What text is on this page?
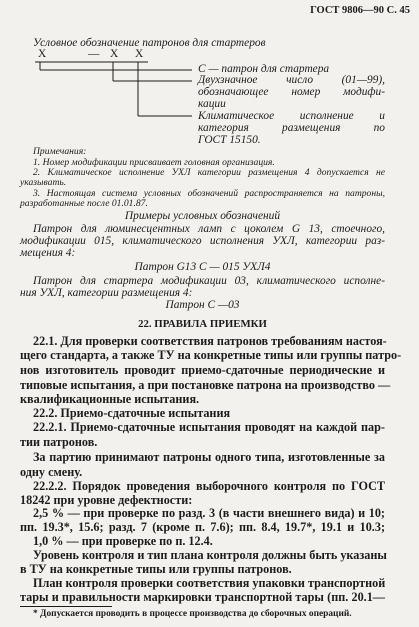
ГОСТ 9806—90 С. 45
Условное обозначение патронов для стартеров
X	— X X
С — патрон для стартера
Двухзначное число (01—99),
обозначающее номер модифи-
кации
Климатическое исполнение и
категория размещения по
ГОСТ 15150.
Примечания:
1. Номер модификации присваивает головная организация.
2. Климатическое исполнение УХЛ категории размещения 4 допускается не
указывать.
3. Настоящая система условных обозначений распространяется на патроны,
разработанные после 01.01.87.
Примеры условных обозначений
Патрон для люминесцентных ламп с цоколем G 13, стоечного,
модификации 015, климатического исполнения УХЛ, категории раз-
мещения 4:
Патрон G13 С — 015 УХЛ4
Патрон для стартера модификации 03, климатического исполне-
ния УХЛ, категории размещения 4:
Патрон С —03
22. ПРАВИЛА ПРИЕМКИ
22.1. Для проверки соответствия патронов требованиям настоя-
щего стандарта, а также ТУ на конкретные типы или группы патро-
нов изготовитель проводит приемо-сдаточные периодические и
типовые испытания, а при постановке патрона на производство —
квалификационные испытания.
22.2. Приемо-сдаточные испытания
22.2.1. Приемо-сдаточные испытания проводят на каждой пар-
тии патронов.
За партию принимают патроны одного типа, изготовленные за
одну смену.
22.2.2. Порядок проведения выборочного контроля по ГОСТ
18242 при уровне дефектности:
2,5 % — при проверке по разд. 3 (в части внешнего вида) и 10;
пп. 19.3*, 15.6; разд. 7 (кроме п. 7.6); пп. 8.4, 19.7*, 19.1 и 10.3;
1,0 % — при проверке по п. 12.4.
Уровень контроля и тип плана контроля должны быть указаны
в ТУ на конкретные типы или группы патронов.
План контроля проверки соответствия упаковки транспортной
тары и правильности маркировки транспортной тары (пп. 20.1—
* Допускается проводить в процессе производства до сборочных операций.
